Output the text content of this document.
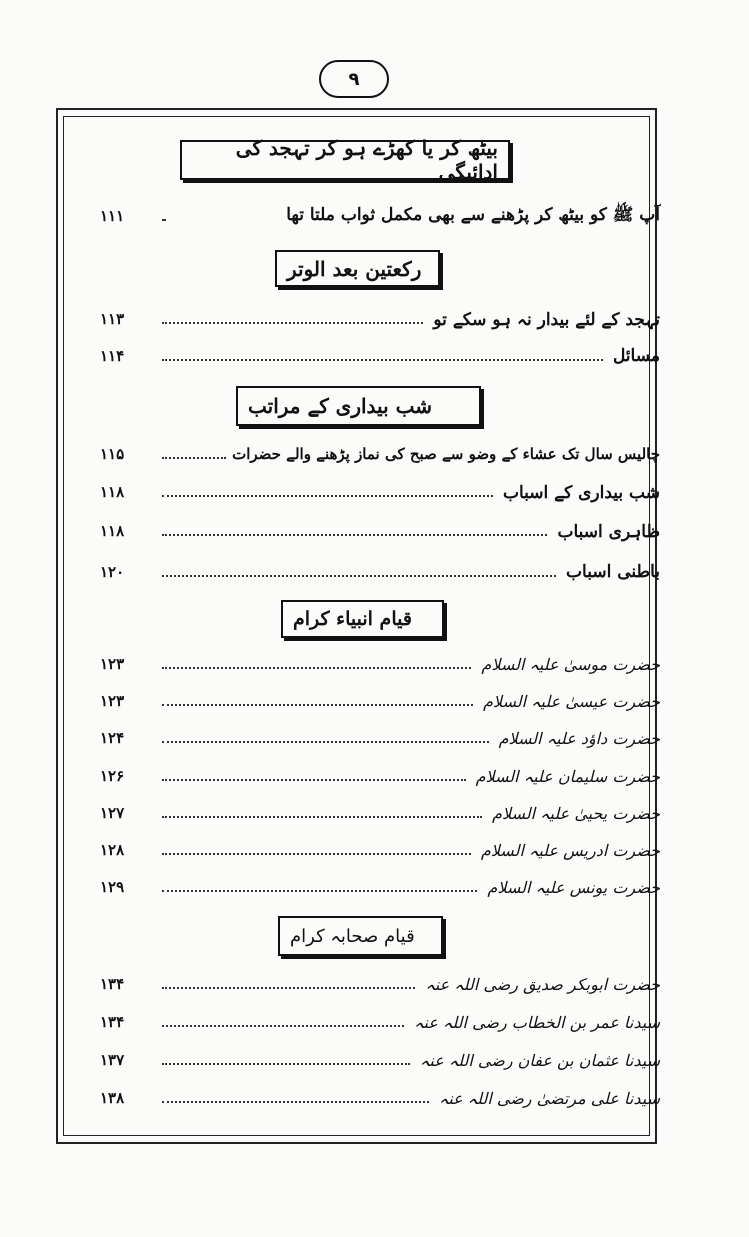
۹
بیٹھ کر یا کھڑے ہو کر تہجد کی ادائیگی
۱۱۱	آپ ﷺ کو بیٹھ کر پڑھنے سے بھی مکمل ثواب ملتا تھا
رکعتین بعد الوتر
۱۱۳	تہجد کے لئے بیدار نہ ہو سکے تو
۱۱۴	مسائل
شب بیداری کے مراتب
۱۱۵	چالیس سال تک عشاء کے وضو سے صبح کی نماز پڑھنے والے حضرات
۱۱۸	شب بیداری کے اسباب
۱۱۸	ظاہری اسباب
۱۲۰	باطنی اسباب
قیام انبیاء کرام
۱۲۳	حضرت موسیٰ علیہ السلام
۱۲۳	حضرت عیسیٰ علیہ السلام
۱۲۴	حضرت داؤد علیہ السلام
۱۲۶	حضرت سلیمان علیہ السلام
۱۲۷	حضرت یحییٰ علیہ السلام
۱۲۸	حضرت ادریس علیہ السلام
۱۲۹	حضرت یونس علیہ السلام
قیام صحابہ کرام
۱۳۴	حضرت ابوبکر صدیق رضی اللہ عنہ
۱۳۴	سیدنا عمر بن الخطاب رضی اللہ عنہ
۱۳۷	سیدنا عثمان بن عفان رضی اللہ عنہ
۱۳۸	سیدنا علی مرتضیٰ رضی اللہ عنہ
